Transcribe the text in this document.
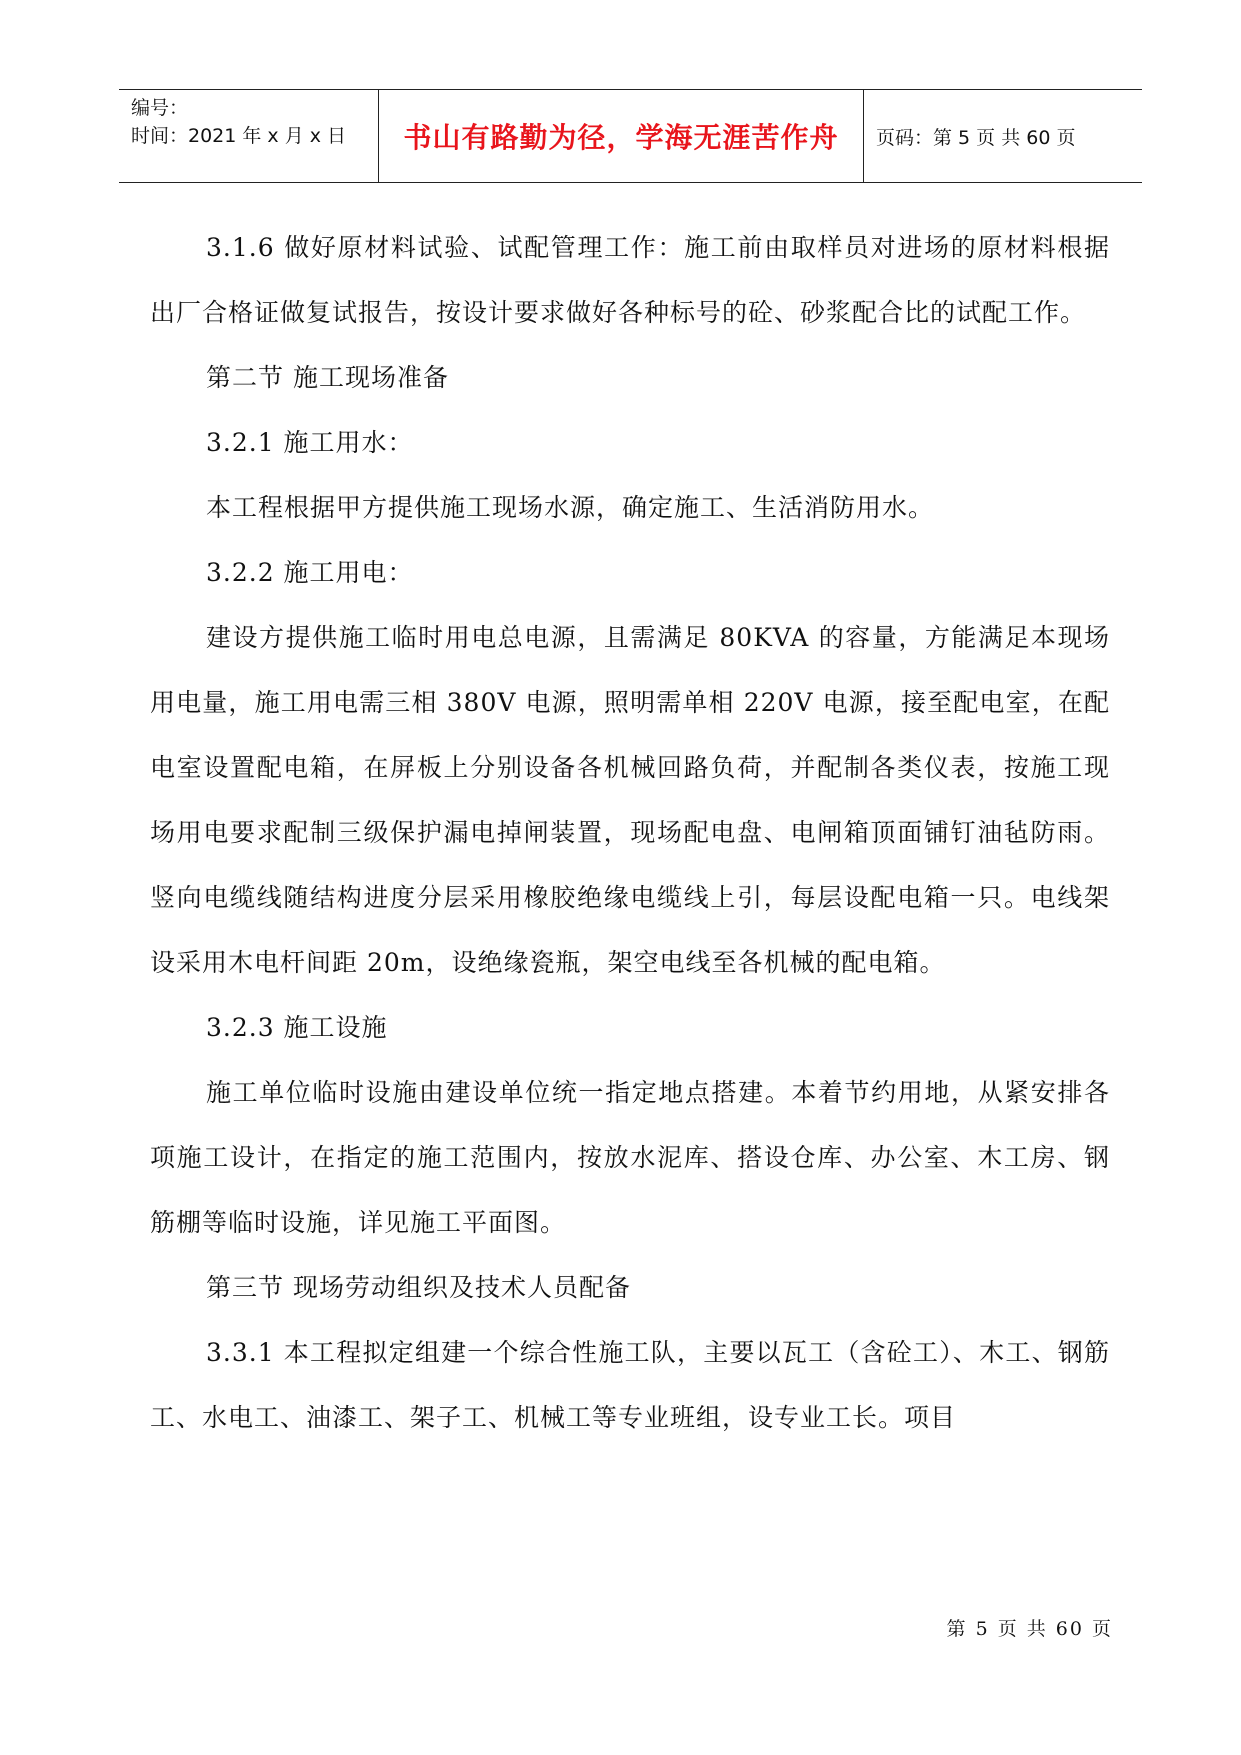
编号：
时间：2021 年 x 月 x 日	书山有路勤为径，学海无涯苦作舟 页码：第 5 页 共 60 页

3.1.6 做好原材料试验、试配管理工作：施工前由取样员对进场的原材料根据出厂合格证做复试报告，按设计要求做好各种标号的砼、砂浆配合比的试配工作。

第二节 施工现场准备

3.2.1 施工用水：

本工程根据甲方提供施工现场水源，确定施工、生活消防用水。

3.2.2 施工用电：

建设方提供施工临时用电总电源，且需满足 80KVA 的容量，方能满足本现场用电量，施工用电需三相 380V 电源，照明需单相 220V 电源，接至配电室，在配电室设置配电箱，在屏板上分别设备各机械回路负荷，并配制各类仪表，按施工现场用电要求配制三级保护漏电掉闸装置，现场配电盘、电闸箱顶面铺钉油毡防雨。竖向电缆线随结构进度分层采用橡胶绝缘电缆线上引，每层设配电箱一只。电线架设采用木电杆间距 20m，设绝缘瓷瓶，架空电线至各机械的配电箱。

3.2.3 施工设施

施工单位临时设施由建设单位统一指定地点搭建。本着节约用地，从紧安排各项施工设计，在指定的施工范围内，按放水泥库、搭设仓库、办公室、木工房、钢筋棚等临时设施，详见施工平面图。

第三节 现场劳动组织及技术人员配备

3.3.1 本工程拟定组建一个综合性施工队，主要以瓦工（含砼工）、木工、钢筋工、水电工、油漆工、架子工、机械工等专业班组，设专业工长。项目

第 5 页 共 60 页
